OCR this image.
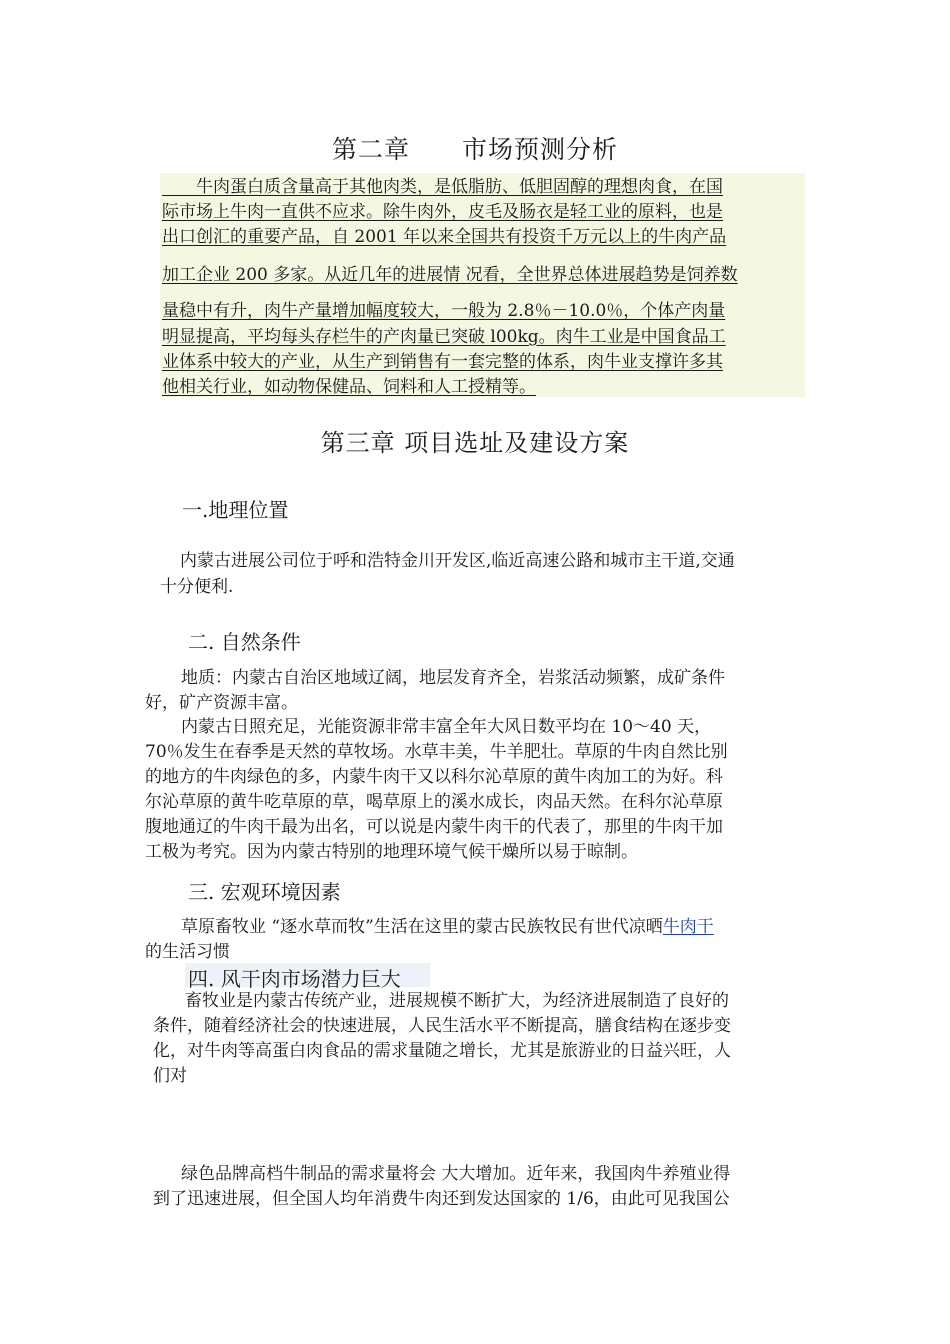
第二章 市场预测分析
　　牛肉蛋白质含量高于其他肉类，是低脂肪、低胆固醇的理想肉食，在国
际市场上牛肉一直供不应求。除牛肉外，皮毛及肠衣是轻工业的原料，也是
出口创汇的重要产品，自 2001 年以来全国共有投资千万元以上的牛肉产品
加工企业 200 多家。从近几年的进展情 况看，全世界总体进展趋势是饲养数
量稳中有升，肉牛产量增加幅度较大，一般为 2.8％－10.0％，个体产肉量
明显提高，平均每头存栏牛的产肉量已突破 l00kg。肉牛工业是中国食品工
业体系中较大的产业，从生产到销售有一套完整的体系，肉牛业支撑许多其
他相关行业，如动物保健品、饲料和人工授精等。
第三章 项目选址及建设方案
一.地理位置
内蒙古进展公司位于呼和浩特金川开发区,临近高速公路和城市主干道,交通
十分便利.
二. 自然条件
地质：内蒙古自治区地域辽阔，地层发育齐全，岩浆活动频繁，成矿条件
好，矿产资源丰富。
内蒙古日照充足，光能资源非常丰富全年大风日数平均在 10～40 天，
70％发生在春季是天然的草牧场。水草丰美，牛羊肥壮。草原的牛肉自然比别
的地方的牛肉绿色的多，内蒙牛肉干又以科尔沁草原的黄牛肉加工的为好。科
尔沁草原的黄牛吃草原的草，喝草原上的溪水成长，肉品天然。在科尔沁草原
腹地通辽的牛肉干最为出名，可以说是内蒙牛肉干的代表了，那里的牛肉干加
工极为考究。因为内蒙古特别的地理环境气候干燥所以易于晾制。
三. 宏观环境因素
草原畜牧业 “逐水草而牧”生活在这里的蒙古民族牧民有世代凉晒牛肉干
的生活习惯
四. 风干肉市场潜力巨大
畜牧业是内蒙古传统产业，进展规模不断扩大，为经济进展制造了良好的
条件，随着经济社会的快速进展，人民生活水平不断提高，膳食结构在逐步变
化，对牛肉等高蛋白肉食品的需求量随之增长，尤其是旅游业的日益兴旺，人
们对
绿色品牌高档牛制品的需求量将会 大大增加。近年来，我国肉牛养殖业得
到了迅速进展，但全国人均年消费牛肉还到发达国家的 1/6，由此可见我国公
